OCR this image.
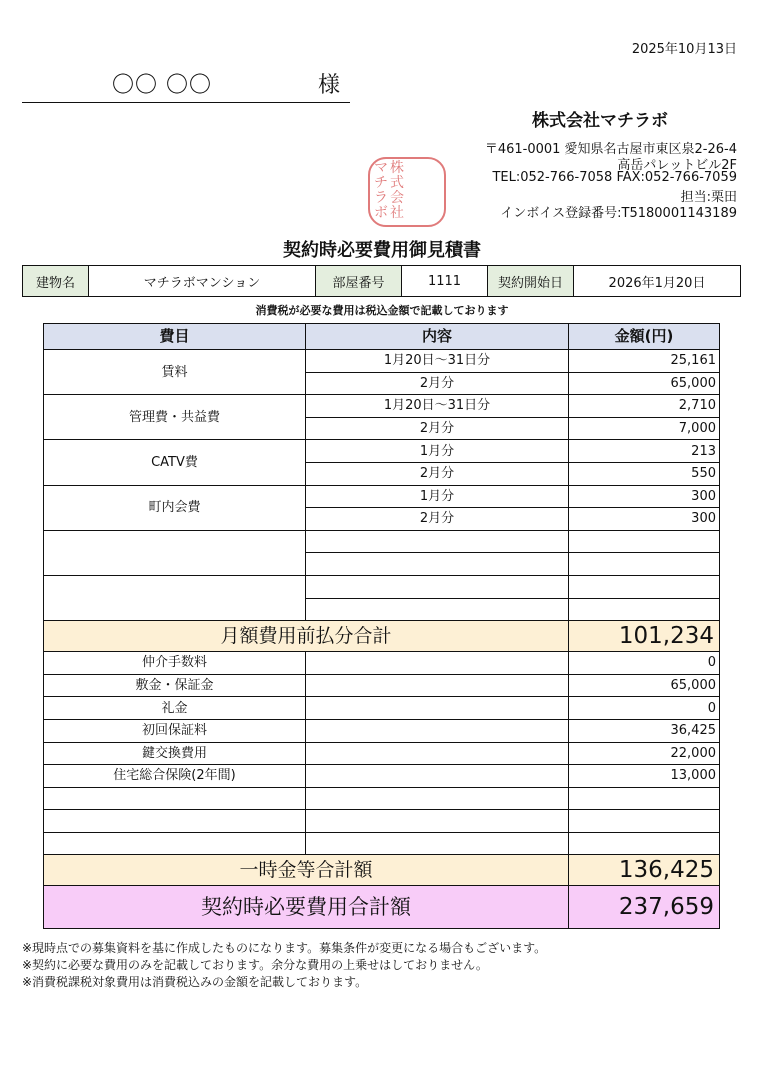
2025年10月13日
〇〇 〇〇	様
株式会社マチラボ
〒461-0001 愛知県名古屋市東区泉2-26-4
高岳パレットビル2F
TEL:052-766-7058 FAX:052-766-7059
担当:栗田
インボイス登録番号:T5180001143189
株
式
会
社
マ
チ
ラ
ボ
契約時必要費用御見積書
建物名	マチラボマンション	部屋番号	1111	契約開始日	2026年1月20日
消費税が必要な費用は税込金額で記載しております
費目	内容	金額(円)
賃料	1月20日〜31日分	25,161
	2月分	65,000
管理費・共益費	1月20日〜31日分	2,710
	2月分	7,000
CATV費	1月分	213
	2月分	550
町内会費	1月分	300
	2月分	300

月額費用前払分合計		101,234
仲介手数料		0
敷金・保証金		65,000
礼金		0
初回保証料		36,425
鍵交換費用		22,000
住宅総合保険(2年間)		13,000

一時金等合計額		136,425
契約時必要費用合計額		237,659
※現時点での募集資料を基に作成したものになります。募集条件が変更になる場合もございます。
※契約に必要な費用のみを記載しております。余分な費用の上乗せはしておりません。
※消費税課税対象費用は消費税込みの金額を記載しております。
